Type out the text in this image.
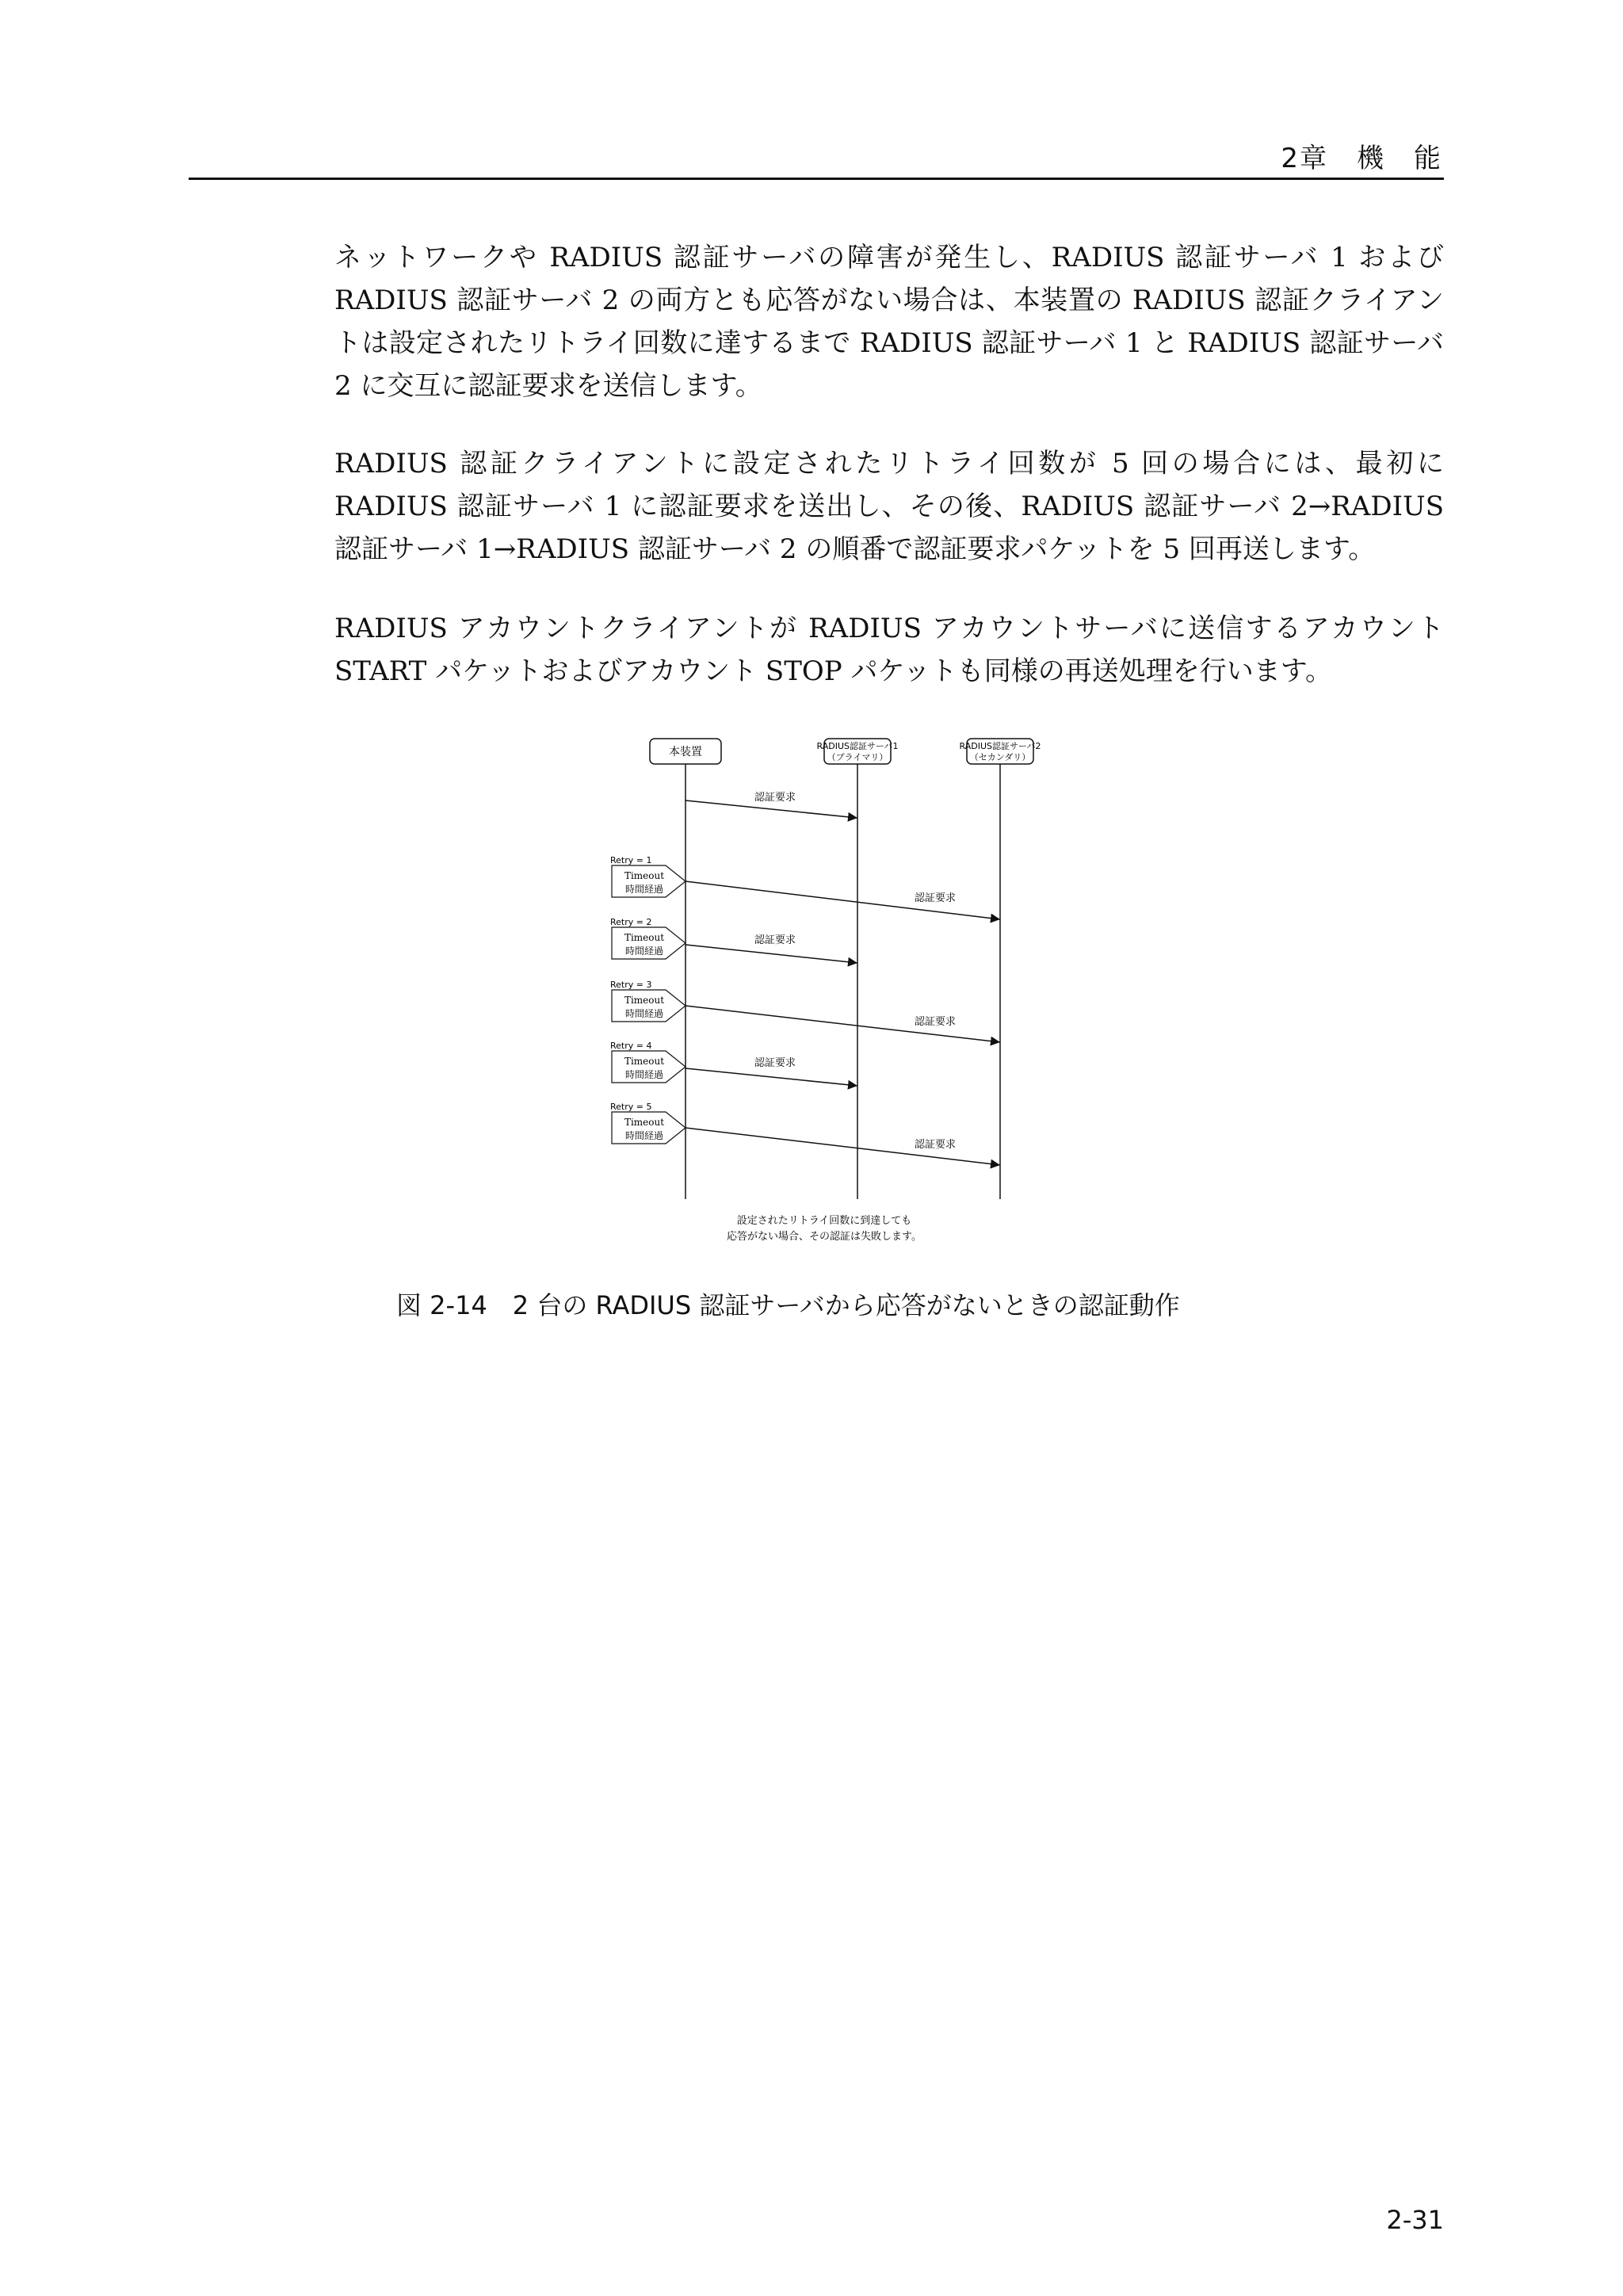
2章　機　能
ネットワークや RADIUS 認証サーバの障害が発生し、RADIUS 認証サーバ 1 および RADIUS 認証サーバ 2 の両方とも応答がない場合は、本装置の RADIUS 認証クライアントは設定されたリトライ回数に達するまで RADIUS 認証サーバ 1 と RADIUS 認証サーバ 2 に交互に認証要求を送信します。
RADIUS 認証クライアントに設定されたリトライ回数が 5 回の場合には、最初に RADIUS 認証サーバ 1 に認証要求を送出し、その後、RADIUS 認証サーバ 2→RADIUS 認証サーバ 1→RADIUS 認証サーバ 2 の順番で認証要求パケットを 5 回再送します。
RADIUS アカウントクライアントが RADIUS アカウントサーバに送信するアカウント START パケットおよびアカウント STOP パケットも同様の再送処理を行います。
本装置	RADIUS認証サーバ1
（プライマリ）
RADIUS認証サーバ2
（セカンダリ）
認証要求
Retry = 1
Timeout
時間経過
認証要求
Retry = 2
Timeout
時間経過
認証要求
Retry = 3
Timeout
時間経過
認証要求
Retry = 4
Timeout
時間経過
認証要求
Retry = 5
Timeout
時間経過
認証要求
設定されたリトライ回数に到達しても
応答がない場合、その認証は失敗します。
図 2-14　2 台の RADIUS 認証サーバから応答がないときの認証動作
2-31
